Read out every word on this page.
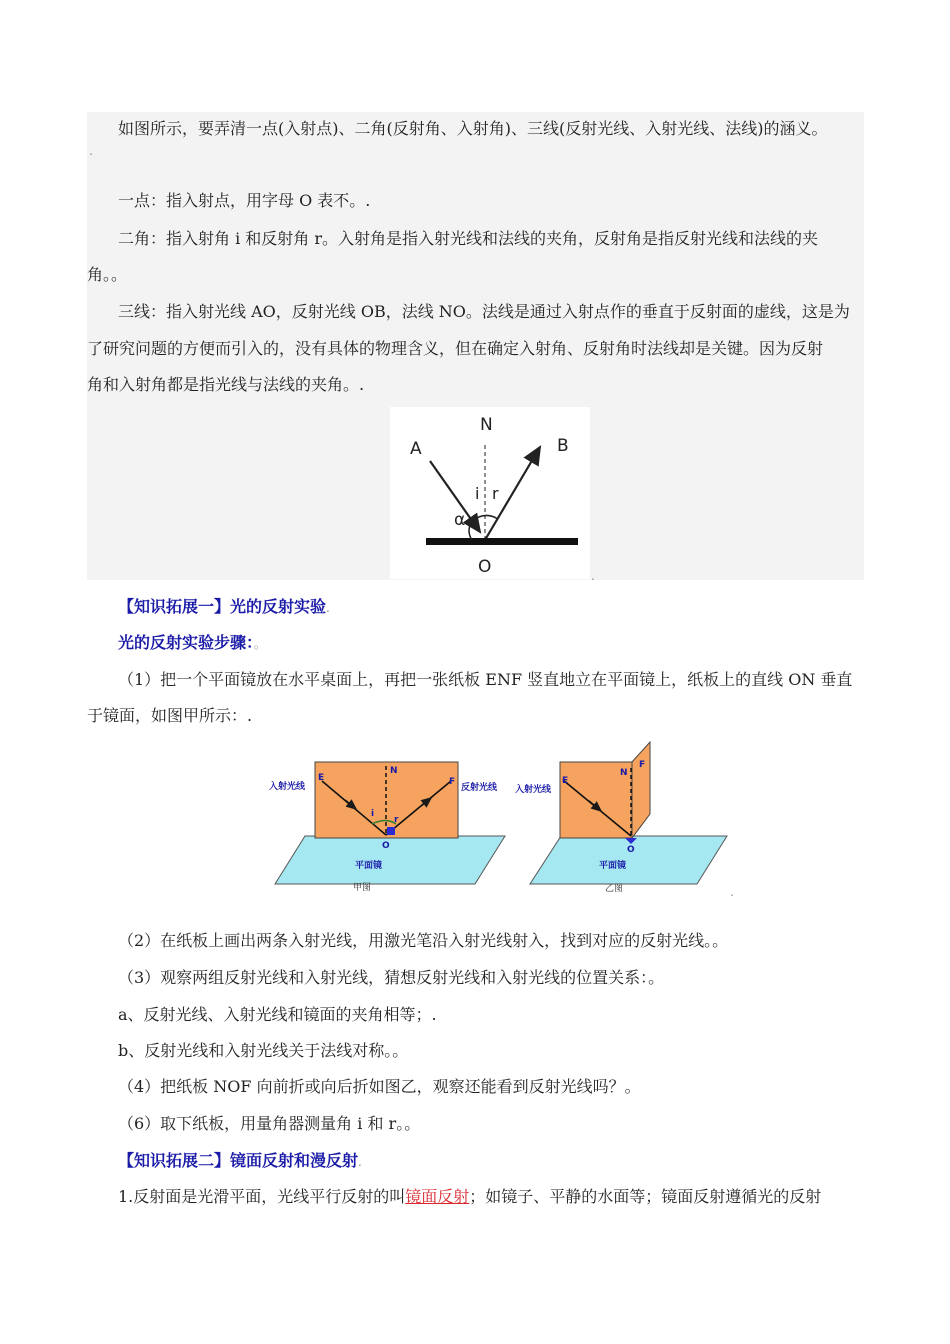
如图所示，要弄清一点(入射点)、二角(反射角、入射角)、三线(反射光线、入射光线、法线)的涵义。
.
一点：指入射点，用字母 O 表不。.
二角：指入射角 i 和反射角 r。入射角是指入射光线和法线的夹角，反射角是指反射光线和法线的夹
角。。
三线：指入射光线 AO，反射光线 OB，法线 NO。法线是通过入射点作的垂直于反射面的虚线，这是为
了研究问题的方便而引入的，没有具体的物理含义，但在确定入射角、反射角时法线却是关键。因为反射
角和入射角都是指光线与法线的夹角。.
A
N
B
i r
α
O	.
【知识拓展一】光的反射实验.
光的反射实验步骤：。
（1）把一个平面镜放在水平桌面上，再把一张纸板 ENF 竖直地立在平面镜上，纸板上的直线 ON 垂直
于镜面，如图甲所示：.
入射光线
E
N
F
反射光线
i
r
O
平面镜
甲图
入射光线
E
N
F
O
平面镜
乙图	.
（2）在纸板上画出两条入射光线，用激光笔沿入射光线射入，找到对应的反射光线。。
（3）观察两组反射光线和入射光线，猜想反射光线和入射光线的位置关系：。
a、反射光线、入射光线和镜面的夹角相等；.
b、反射光线和入射光线关于法线对称。。
（4）把纸板 NOF 向前折或向后折如图乙，观察还能看到反射光线吗？。
（6）取下纸板，用量角器测量角 i 和 r。。
【知识拓展二】镜面反射和漫反射.
1.反射面是光滑平面，光线平行反射的叫镜面反射；如镜子、平静的水面等；镜面反射遵循光的反射
